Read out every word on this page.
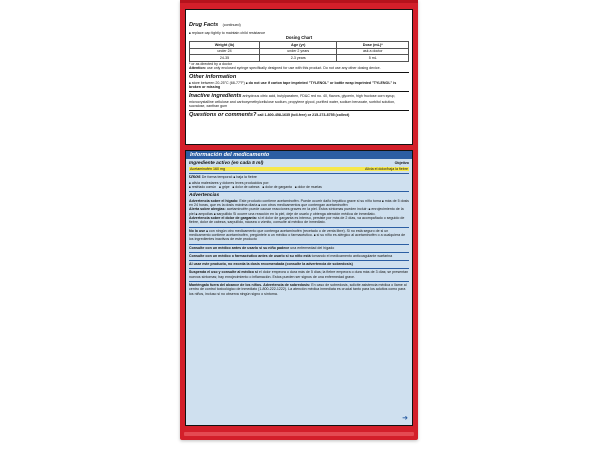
Drug Facts (continued)
■ replace cap tightly to maintain child resistance
Dosing Chart
Weight (lb)	Age (yr)	Dose (mL)*
under 24	under 2 years	ask a doctor
24-35	2-3 years	5 mL
* or as directed by a doctor
Attention: use only enclosed syringe specifically designed for use with this product. Do not use any other dosing device.
Other information
■ store between 20-25°C (68-77°F) ■ do not use if carton tape imprinted "TYLENOL" or bottle wrap imprinted "TYLENOL" is broken or missing
Inactive ingredients anhydrous citric acid, butylparaben, FD&C red no. 40, flavors, glycerin, high fructose corn syrup, microcrystalline cellulose and carboxymethylcellulose sodium, propylene glycol, purified water, sodium benzoate, sorbitol solution, sucralose, xanthan gum
Questions or comments? call 1-800-458-1635 (toll-free) or 215-273-8755 (collect)
Información del medicamento
Ingrediente activo (en cada 5 ml)	Objetivo
Acetaminofén 160 mg	Alivia el dolor/baja la fiebre
Usos De forma temporal: ■ baja la fiebre
■ alivia malestares y dolores leves producidos por:
■ resfriado común	■ gripe	■ dolor de cabeza	■ dolor de garganta	■ dolor de muelas
Advertencias
Advertencia sobre el hígado: Este producto contiene acetaminofén. Puede ocurrir daño hepático grave si su niño toma ■ más de 5 dosis en 24 horas, que es la dosis máxima diaria ■ con otros medicamentos que contengan acetaminofén
Alerta sobre alergias: acetaminofén puede causar reacciones graves en la piel. Estos síntomas pueden incluir: ■ enrojecimiento de la piel ■ ampollas ■ sarpullido Si ocurre una reacción en la piel, deje de usarlo y obtenga atención médica de inmediato.
Advertencia sobre el dolor de garganta: si el dolor de garganta es intenso, persiste por más de 2 días, va acompañado o seguido de fiebre, dolor de cabeza, sarpullido, náusea o vómito, consulte al médico de inmediato.
No lo use ■ con ningún otro medicamento que contenga acetaminofén (recetado o de venta libre). Si no está seguro de si un medicamento contiene acetaminofén, pregúntele a un médico o farmacéutico. ■ si su niño es alérgico al acetaminofén o a cualquiera de los ingredientes inactivos de este producto
Consulte con un médico antes de usarlo si su niño padece una enfermedad del hígado
Consulte con un médico o farmacéutico antes de usarlo si su niño está tomando el medicamento anticoagulante warfarina
Al usar este producto, no exceda la dosis recomendada (consulte la advertencia de sobredosis)
Suspenda el uso y consulte al médico si el dolor empeora o dura más de 5 días; la fiebre empeora o dura más de 3 días; se presentan nuevos síntomas; hay enrojecimiento o inflamación. Estos pueden ser signos de una enfermedad grave.
Manténgalo fuera del alcance de los niños. Advertencia de sobredosis: En caso de sobredosis, solicite asistencia médica o llame al centro de control toxicológico de inmediato (1-800-222-1222). La atención médica inmediata es crucial tanto para los adultos como para los niños, incluso si no observa ningún signo o síntoma.
➜
